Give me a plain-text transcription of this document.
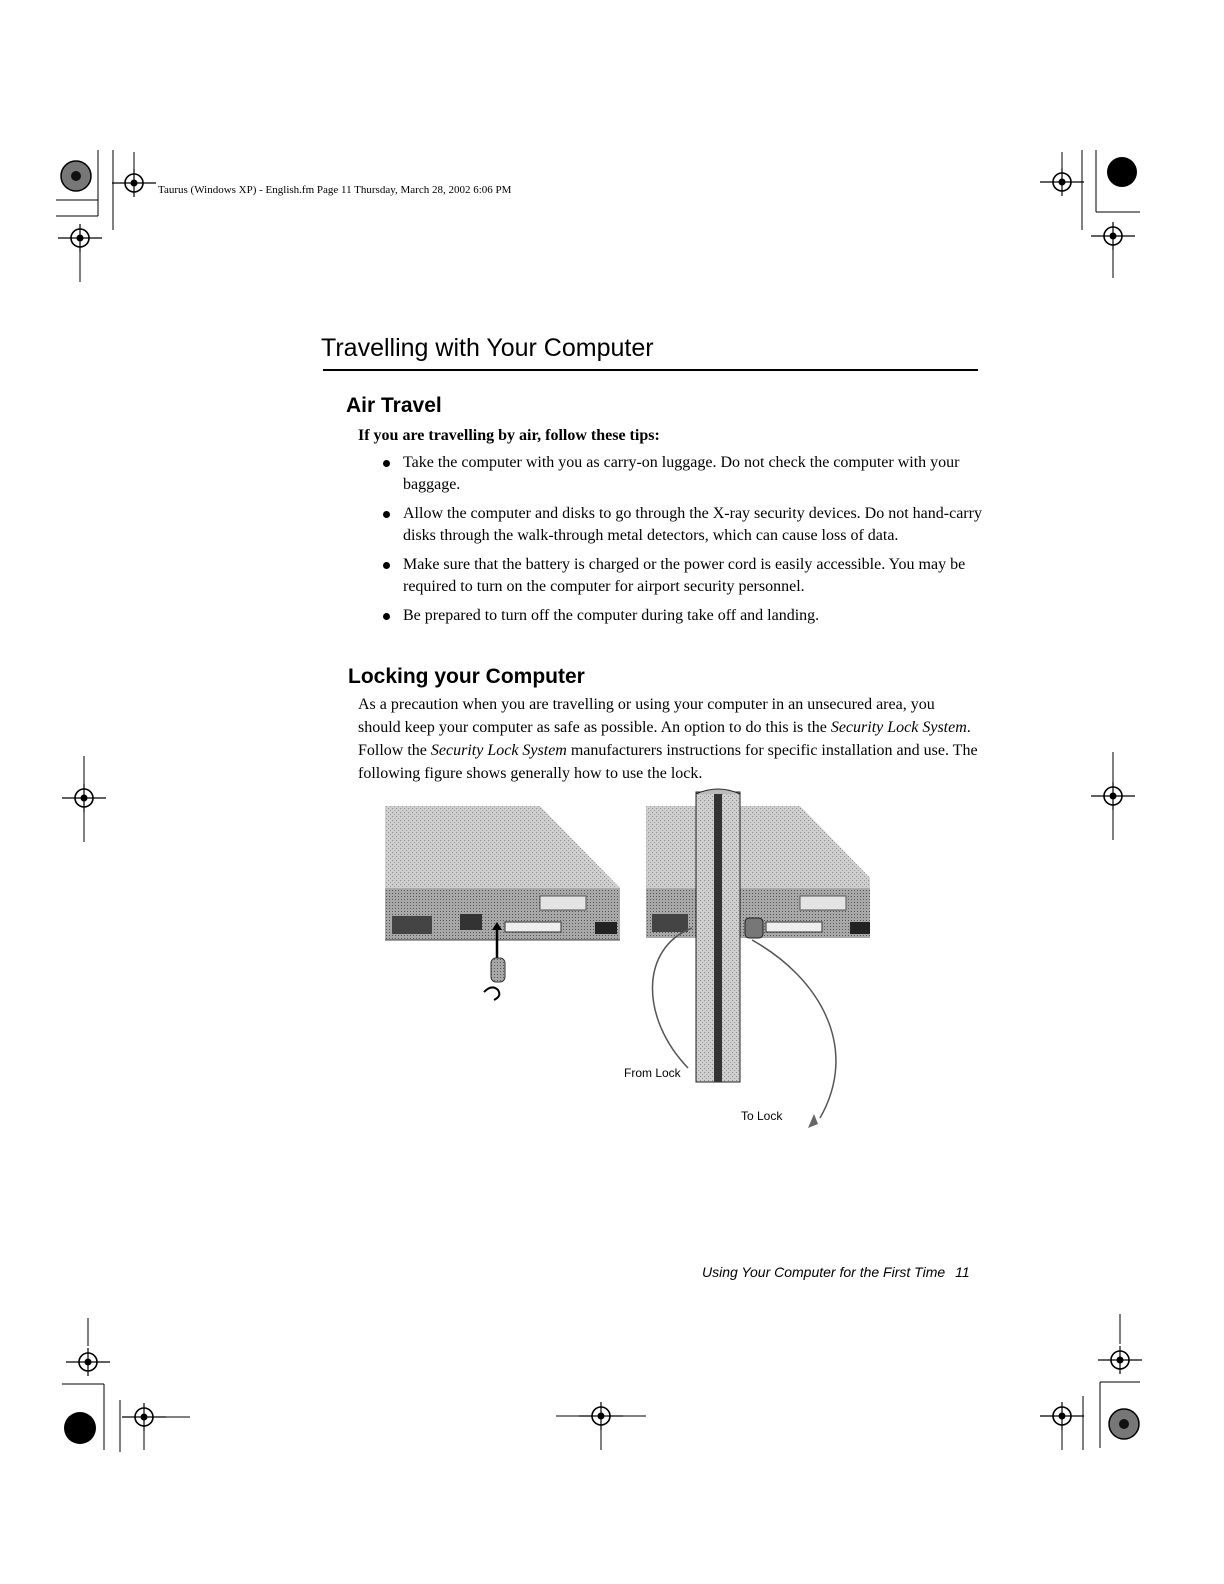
Taurus (Windows XP) - English.fm Page 11 Thursday, March 28, 2002 6:06 PM
Travelling with Your Computer
Air Travel
If you are travelling by air, follow these tips:
Take the computer with you as carry-on luggage. Do not check the computer with your baggage.
Allow the computer and disks to go through the X-ray security devices. Do not hand-carry disks through the walk-through metal detectors, which can cause loss of data.
Make sure that the battery is charged or the power cord is easily accessible. You may be required to turn on the computer for airport security personnel.
Be prepared to turn off the computer during take off and landing.
Locking your Computer

As a precaution when you are travelling or using your computer in an unsecured area, you should keep your computer as safe as possible. An option to do this is the Security Lock System. Follow the Security Lock System manufacturers instructions for specific installation and use. The following figure shows generally how to use the lock.

From Lock
To Lock
Using Your Computer for the First Time 11
